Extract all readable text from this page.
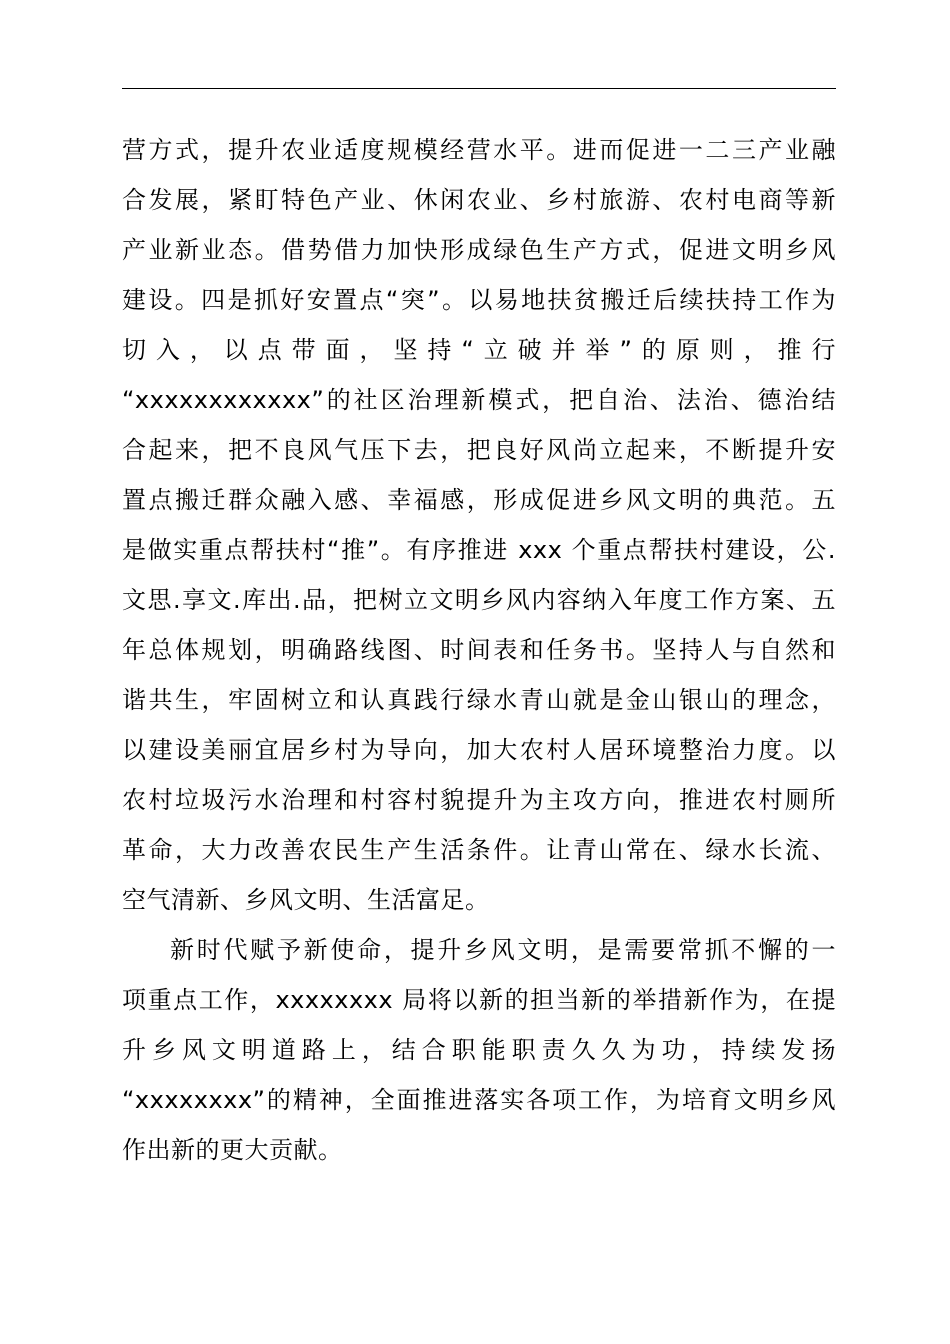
营方式，提升农业适度规模经营水平。进而促进一二三产业融
合发展，紧盯特色产业、休闲农业、乡村旅游、农村电商等新
产业新业态。借势借力加快形成绿色生产方式，促进文明乡风
建设。四是抓好安置点“突”。以易地扶贫搬迁后续扶持工作为
切入，以点带面，坚持“立破并举”的原则，推行
“xxxxxxxxxxxx”的社区治理新模式，把自治、法治、德治结
合起来，把不良风气压下去，把良好风尚立起来，不断提升安
置点搬迁群众融入感、幸福感，形成促进乡风文明的典范。五
是做实重点帮扶村“推”。有序推进 xxx 个重点帮扶村建设，公.
文思.享文.库出.品，把树立文明乡风内容纳入年度工作方案、五
年总体规划，明确路线图、时间表和任务书。坚持人与自然和
谐共生，牢固树立和认真践行绿水青山就是金山银山的理念，
以建设美丽宜居乡村为导向，加大农村人居环境整治力度。以
农村垃圾污水治理和村容村貌提升为主攻方向，推进农村厕所
革命，大力改善农民生产生活条件。让青山常在、绿水长流、
空气清新、乡风文明、生活富足。
新时代赋予新使命，提升乡风文明，是需要常抓不懈的一
项重点工作，xxxxxxxx 局将以新的担当新的举措新作为，在提
升乡风文明道路上，结合职能职责久久为功，持续发扬
“xxxxxxxx”的精神，全面推进落实各项工作，为培育文明乡风
作出新的更大贡献。
